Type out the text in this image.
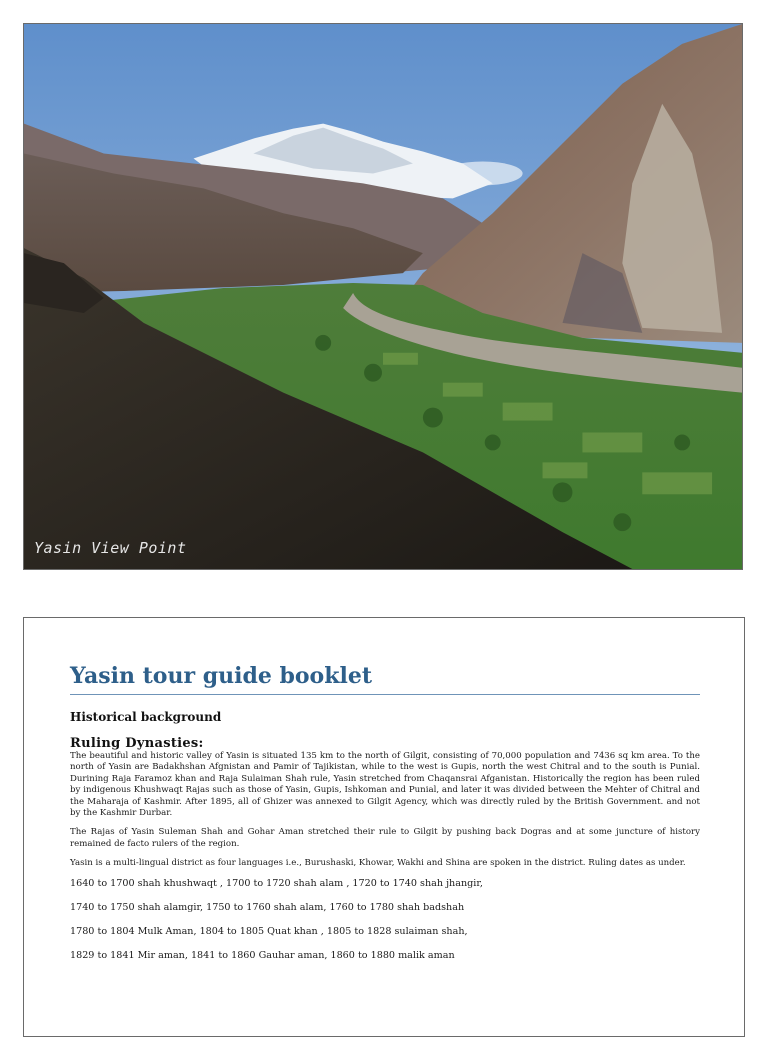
Yasin View Point
Yasin tour guide booklet
Historical background
Ruling Dynasties:

The beautiful and historic valley of Yasin is situated 135 km to the north of Gilgit, consisting of 70,000 population and 7436 sq km area. To the north of Yasin are Badakhshan Afgnistan and Pamir of Tajikistan, while to the west is Gupis, north the west Chitral and to the south is Punial. Durining Raja Faramoz khan and Raja Sulaiman Shah rule, Yasin stretched from Chaqansrai Afganistan. Historically the region has been ruled by indigenous Khushwaqt Rajas such as those of Yasin, Gupis, Ishkoman and Punial, and later it was divided between the Mehter of Chitral and the Maharaja of Kashmir. After 1895, all of Ghizer was annexed to Gilgit Agency, which was directly ruled by the British Government. and not by the Kashmir Durbar.

The Rajas of Yasin Suleman Shah and Gohar Aman stretched their rule to Gilgit by pushing back Dogras and at some juncture of history remained de facto rulers of the region.

Yasin is a multi-lingual district as four languages i.e., Burushaski, Khowar, Wakhi and Shina are spoken in the district. Ruling dates as under.

1640 to 1700 shah khushwaqt , 1700 to 1720 shah alam , 1720 to 1740 shah jhangir,
1740 to 1750 shah alamgir, 1750 to 1760 shah alam, 1760 to 1780 shah badshah
1780 to 1804 Mulk Aman, 1804 to 1805 Quat khan , 1805 to 1828 sulaiman shah,
1829 to 1841 Mir aman, 1841 to 1860 Gauhar aman, 1860 to 1880 malik aman
